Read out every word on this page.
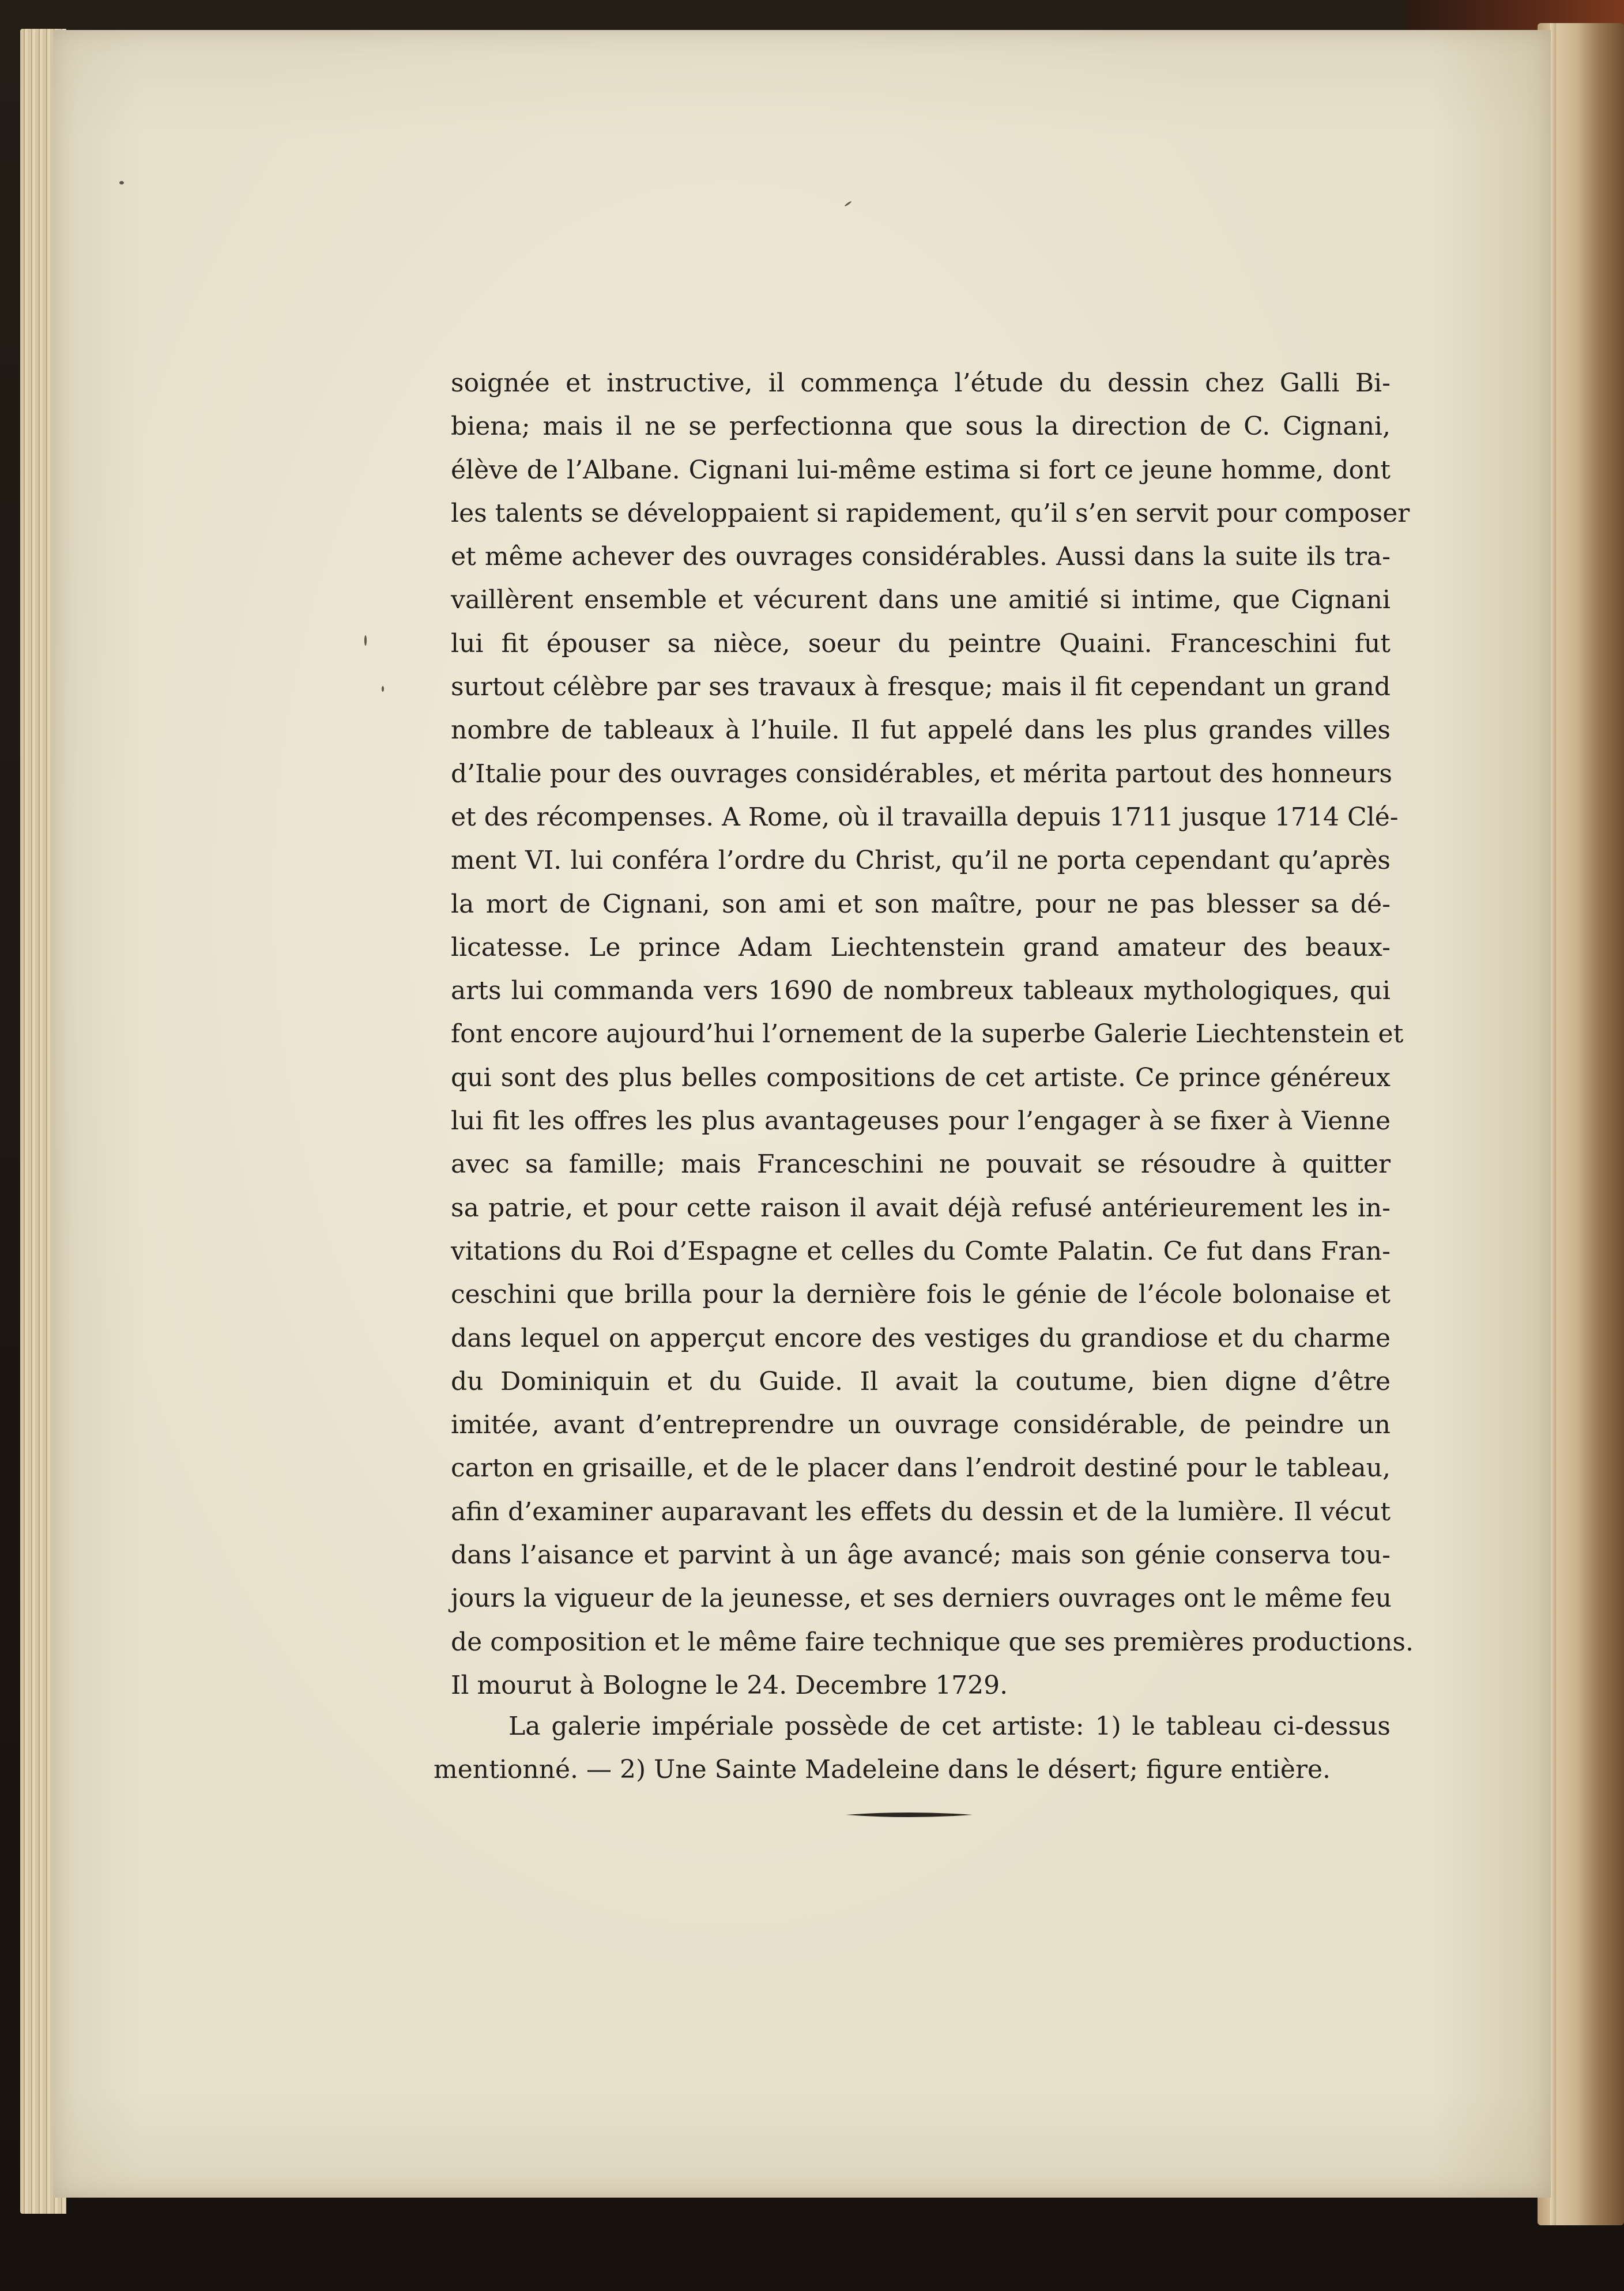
soignée et instructive, il commença l’étude du dessin chez Galli Bi-
biena; mais il ne se perfectionna que sous la direction de C. Cignani,
élève de l’Albane. Cignani lui-même estima si fort ce jeune homme, dont
les talents se développaient si rapidement, qu’il s’en servit pour composer
et même achever des ouvrages considérables. Aussi dans la suite ils tra-
vaillèrent ensemble et vécurent dans une amitié si intime, que Cignani
lui fit épouser sa nièce, soeur du peintre Quaini. Franceschini fut
surtout célèbre par ses travaux à fresque; mais il fit cependant un grand
nombre de tableaux à l’huile. Il fut appelé dans les plus grandes villes
d’Italie pour des ouvrages considérables, et mérita partout des honneurs
et des récompenses. A Rome, où il travailla depuis 1711 jusque 1714 Clé-
ment VI. lui conféra l’ordre du Christ, qu’il ne porta cependant qu’après
la mort de Cignani, son ami et son maître, pour ne pas blesser sa dé-
licatesse. Le prince Adam Liechtenstein grand amateur des beaux-
arts lui commanda vers 1690 de nombreux tableaux mythologiques, qui
font encore aujourd’hui l’ornement de la superbe Galerie Liechtenstein et
qui sont des plus belles compositions de cet artiste. Ce prince généreux
lui fit les offres les plus avantageuses pour l’engager à se fixer à Vienne
avec sa famille; mais Franceschini ne pouvait se résoudre à quitter
sa patrie, et pour cette raison il avait déjà refusé antérieurement les in-
vitations du Roi d’Espagne et celles du Comte Palatin. Ce fut dans Fran-
ceschini que brilla pour la dernière fois le génie de l’école bolonaise et
dans lequel on apperçut encore des vestiges du grandiose et du charme
du Dominiquin et du Guide. Il avait la coutume, bien digne d’être
imitée, avant d’entreprendre un ouvrage considérable, de peindre un
carton en grisaille, et de le placer dans l’endroit destiné pour le tableau,
afin d’examiner auparavant les effets du dessin et de la lumière. Il vécut
dans l’aisance et parvint à un âge avancé; mais son génie conserva tou-
jours la vigueur de la jeunesse, et ses derniers ouvrages ont le même feu
de composition et le même faire technique que ses premières productions.
Il mourut à Bologne le 24. Decembre 1729.
La galerie impériale possède de cet artiste: 1) le tableau ci-dessus
mentionné. — 2) Une Sainte Madeleine dans le désert; figure entière.
